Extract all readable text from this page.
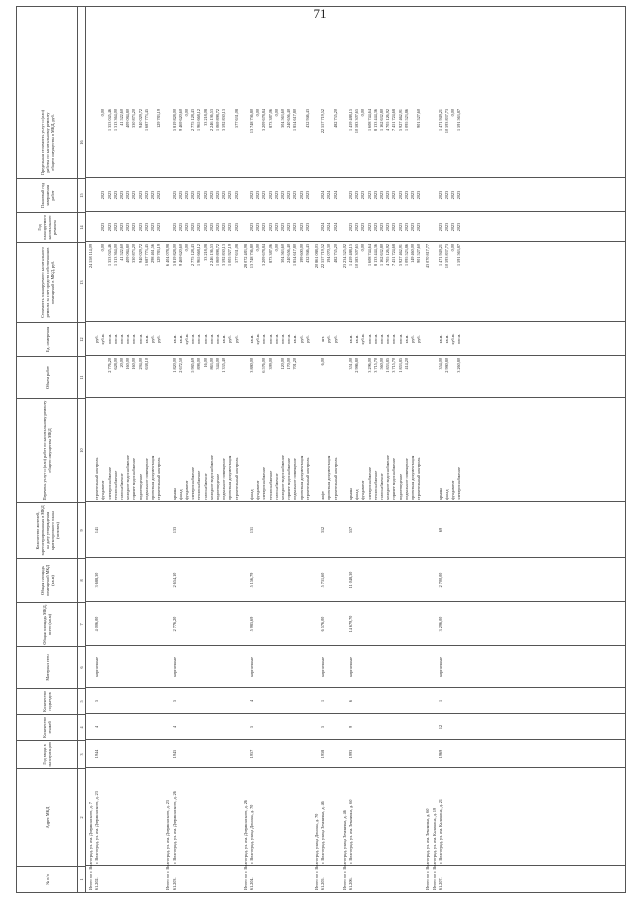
71
№ п/п
Адрес МКД
Год ввода в эксплуатацию
Количество этажей
Количество подъездов
Материал стен
Общая площадь МКД, всего (кв.м)
Общая площадь помещений МКД (кв.м)
Количество жителей, зарегистрированных в МКД на дату утверждения краткосрочного плана (человек)
Перечень услуг и (или) работ по капитальному ремонту общего имущества МКД
Объем работ
Ед. измерения
Стоимость планируемого капитального ремонта за счет средств собственников помещений в МКД, руб.
Год планируемого капитального ремонта
Плановый год завершения работ
Предельная стоимость услуг и (или) работы по капитальному ремонту общего имущества в МКД, руб.
1
2
3
4
5
6
7
8
9
10
11
12
13
14
15
16
Итого по г. Волгоград, ул. им. Дзержинского, д. 7
24 558 114,09
61.202.
г. Волгоград, ул. им. Дзержинского, д. 23
1944
4
5
кирпичные
4 006,00
3 688,30
141
строительный контроль
руб.
фундамент
куб.м.
0,00
2023
2023
0,00
электроснабжение
2 776,20
пог.м.
1 353 045,46
2023
2023
1 353 045,46
теплоснабжение
628,00
пог.м.
1 313 364,00
2023
2023
1 313 364,00
газоснабжение
20,00
пог.м.
41 522,60
2023
2023
41 522,60
холодное водоснабжение
160,00
пог.м.
409 084,80
2023
2023
409 084,80
горячее водоснабжение
160,00
пог.м.
330 873,20
2023
2023
330 873,20
водоотведение
294,00
пог.м.
940 029,72
2023
2023
940 029,72
подвальное помещение
638,10
кв.м.
1 687 773,45
2023
2023
1 687 773,45
проектная документация
руб.
298 461,56
2023
2023
строительный контроль
руб.
129 783,19
2023
2023
129 783,19
Итого по г. Волгоград, ул. им. Дзержинского, д. 23
6 404 078,98
61.203.
г. Волгоград, ул. им. Дзержинского, д. 26
1945
4
5
кирпичные
2 776,20
2 654,10
133
крыша
1 820,00
кв.м.
5 819 828,00
2025
2025
5 819 828,00
фасад
2 672,50
кв.м.
9 469 620,60
2025
2025
9 469 620,60
фундамент
куб.м.
0,00
2025
2025
0,00
электроснабжение
5 985,69
пог.м.
2 775 128,43
2025
2025
2 775 128,43
теплоснабжение
898,00
пог.м.
1 965 668,12
2025
2025
1 965 668,12
газоснабжение
16,00
пог.м.
33 218,08
2025
2025
33 218,08
холодное водоснабжение
863,00
пог.м.
2 246 136,53
2025
2025
2 246 136,53
водоотведение
344,00
пог.м.
1 069 898,72
2025
2025
1 069 898,72
подвальное помещение
1 335,40
кв.м.
3 592 830,13
2025
2025
3 592 830,13
проектная документация
руб.
1 005 927,19
2025
2025
строительный контроль
руб.
577 631,08
2025
2025
577 631,08
Итого по г. Волгоград, ул. им. Дзержинского, д. 26
28 072 483,98
61.204.
г. Волгоград, улица Донина, д. 70
1957
5
4
кирпичные
5 985,69
5 156,79
131
фасад
3 880,00
кв.м.
13 748 736,80
2023
2023
13 748 736,80
фундамент
куб.м.
0,00
2023
2023
0,00
электроснабжение
6 576,00
пог.м.
3 209 678,84
2023
2023
3 209 678,84
теплоснабжение
399,00
пог.м.
873 387,06
2023
2023
873 387,06
газоснабжение
пог.м.
0,00
2023
2023
0,00
холодное водоснабжение
120,00
пог.м.
304 563,60
2023
2023
304 563,60
горячее водоснабжение
170,00
пог.м.
240 656,40
2023
2023
240 656,40
подвальное помещение
701,20
кв.м.
1 854 617,80
2023
2023
1 854 617,80
проектная документация
руб.
199 600,00
2023
2023
строительный контроль
руб.
432 946,43
2023
2023
432 946,43
Итого по г. Волгоград, улица Донина, д. 70
20 861 088,03
61.205.
г. Волгоград, улица Землячки, д. 46
1958
5
1
кирпичные
6 576,00
5 731,60
312
лифт
6,00
шт.
22 557 719,52
2024
2024
22 557 719,52
проектная документация
руб.
194 070,30
2024
2024
строительный контроль
руб.
482 735,20
2024
2024
482 735,20
Итого по г. Волгоград, улица Землячки, д. 46
23 234 525,02
61.206.
г. Волгоград, ул. им. Землячки, д. 60
1993
9
6
кирпичные
14 679,70
11 048,30
557
крыша
351,00
кв.м.
1 459 488,15
2023
2023
1 459 488,15
фасад
2 986,80
кв.м.
10 583 307,65
2023
2023
10 583 307,65
фундамент
куб.м.
0,00
2023
2023
0,00
электроснабжение
3 296,00
пог.м.
1 608 744,64
2023
2023
1 608 744,64
теплоснабжение
3 715,70
пог.м.
8 133 444,36
2023
2023
8 133 444,36
газоснабжение
560,00
пог.м.
1 162 632,80
2023
2023
1 162 632,80
холодное водоснабжение
1 853,85
пог.м.
4 705 126,92
2023
2023
4 705 126,92
горячее водоснабжение
3 715,70
пог.м.
7 451 724,68
2023
2023
7 451 724,68
водоотведение
1 853,85
пог.м.
5 927 462,91
2023
2023
5 927 462,91
подвальное помещение
414,20
кв.м.
1 095 523,86
2023
2023
1 095 523,86
проектная документация
руб.
149 460,00
2023
2023
строительный контроль
руб.
901 527,60
2023
2023
901 527,60
Итого по г. Волгоград, ул. им. Землячки, д. 60
43 070 817,77
Итого по г. Волгоград, ул. им. Калинина, д. 19 61.207.
г. Волгоград, ул. им. Калинина, д. 21
1969
12
1
кирпичные
3 296,00
2 700,00
69
крыша
354,00
кв.м.
1 471 949,21
2023
2023
1 471 949,21
фасад
2 980,80
кв.м.
10 593 837,73
2023
2023
10 593 837,73
фундамент
куб.м.
0,00
2023
2023
0,00
электроснабжение
3 260,80
пог.м.
1 591 563,87
2023
2023
1 591 563,87
